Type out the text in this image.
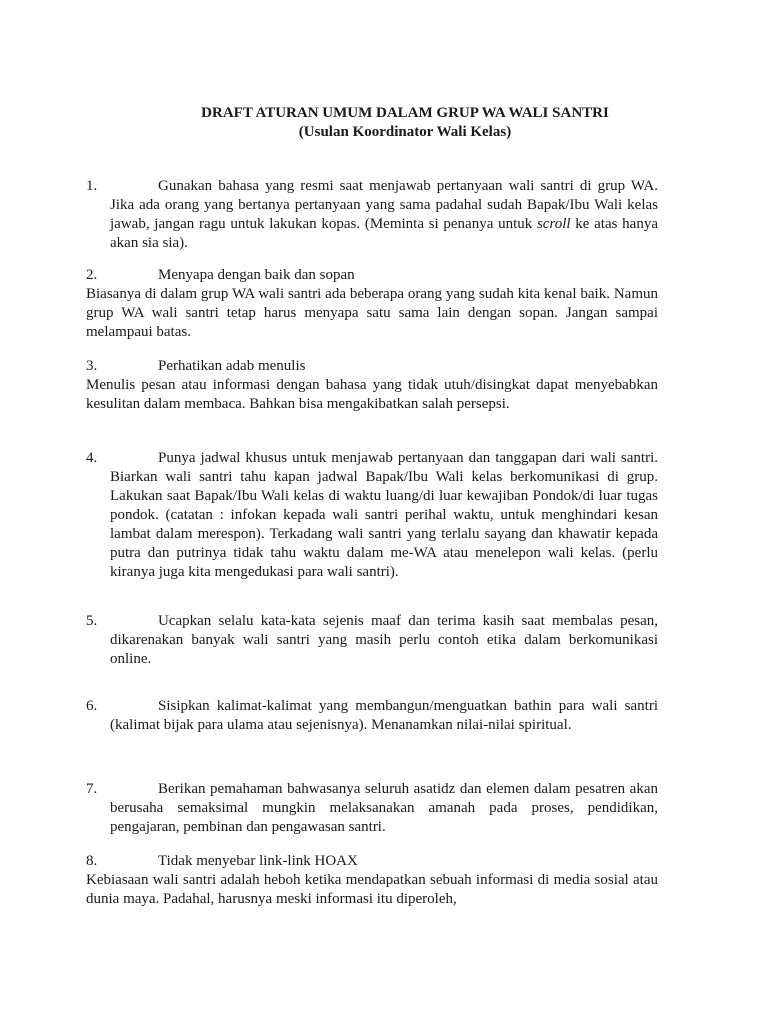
DRAFT ATURAN UMUM DALAM GRUP WA WALI SANTRI
(Usulan Koordinator Wali Kelas)
1.	Gunakan bahasa yang resmi saat menjawab pertanyaan wali santri di grup WA. Jika ada orang yang bertanya pertanyaan yang sama padahal sudah Bapak/Ibu Wali kelas jawab, jangan ragu untuk lakukan kopas. (Meminta si penanya untuk scroll ke atas hanya akan sia sia).
2.	Menyapa dengan baik dan sopan
Biasanya di dalam grup WA wali santri ada beberapa orang yang sudah kita kenal baik. Namun grup WA wali santri tetap harus menyapa satu sama lain dengan sopan. Jangan sampai melampaui batas.
3.	Perhatikan adab menulis
Menulis pesan atau informasi dengan bahasa yang tidak utuh/disingkat dapat menyebabkan kesulitan dalam membaca. Bahkan bisa mengakibatkan salah persepsi.
4.	Punya jadwal khusus untuk menjawab pertanyaan dan tanggapan dari wali santri. Biarkan wali santri tahu kapan jadwal Bapak/Ibu Wali kelas berkomunikasi di grup. Lakukan saat Bapak/Ibu Wali kelas di waktu luang/di luar kewajiban Pondok/di luar tugas pondok. (catatan : infokan kepada wali santri perihal waktu, untuk menghindari kesan lambat dalam merespon). Terkadang wali santri yang terlalu sayang dan khawatir kepada putra dan putrinya tidak tahu waktu dalam me-WA atau menelepon wali kelas. (perlu kiranya juga kita mengedukasi para wali santri).
5.	Ucapkan selalu kata-kata sejenis maaf dan terima kasih saat membalas pesan, dikarenakan banyak wali santri yang masih perlu contoh etika dalam berkomunikasi online.
6.	Sisipkan kalimat-kalimat yang membangun/menguatkan bathin para wali santri (kalimat bijak para ulama atau sejenisnya). Menanamkan nilai-nilai spiritual.
7.	Berikan pemahaman bahwasanya seluruh asatidz dan elemen dalam pesatren akan berusaha semaksimal mungkin melaksanakan amanah pada proses, pendidikan, pengajaran, pembinan dan pengawasan santri.
8.	Tidak menyebar link-link HOAX
Kebiasaan wali santri adalah heboh ketika mendapatkan sebuah informasi di media sosial atau dunia maya. Padahal, harusnya meski informasi itu diperoleh,
